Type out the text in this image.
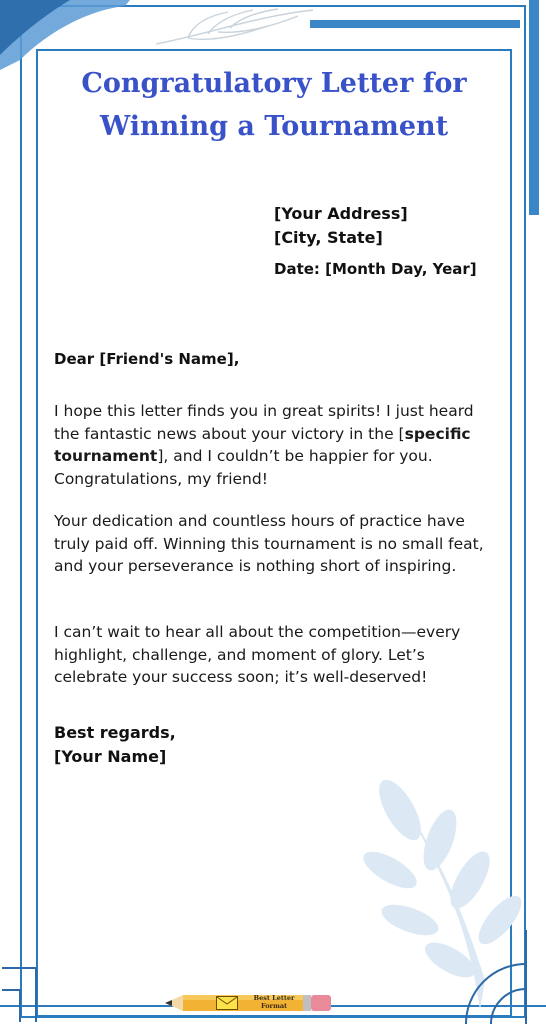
Congratulatory Letter for Winning a Tournament

[Your Address]

[City, State]

Date: [Month Day, Year]

Dear [Friend's Name],

I hope this letter finds you in great spirits! I just heard the fantastic news about your victory in the [specific tournament], and I couldn’t be happier for you. Congratulations, my friend!

Your dedication and countless hours of practice have truly paid off. Winning this tournament is no small feat, and your perseverance is nothing short of inspiring.

I can’t wait to hear all about the competition—every highlight, challenge, and moment of glory. Let’s celebrate your success soon; it’s well-deserved!

Best regards,
[Your Name]

Best Letter Format
